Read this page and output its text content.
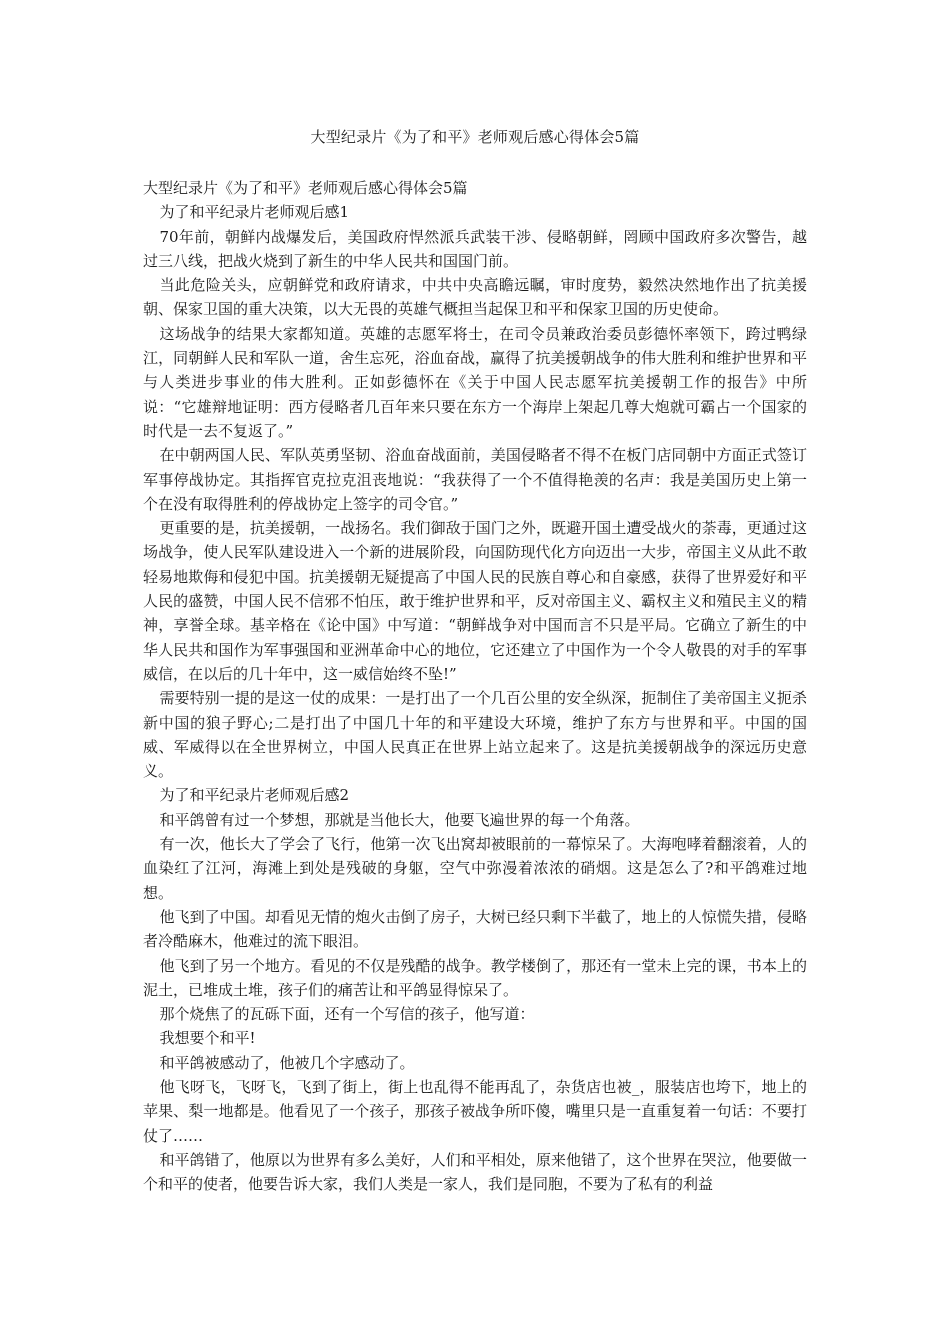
大型纪录片《为了和平》老师观后感心得体会5篇

大型纪录片《为了和平》老师观后感心得体会5篇

为了和平纪录片老师观后感1

70年前，朝鲜内战爆发后，美国政府悍然派兵武装干涉、侵略朝鲜，罔顾中国政府多次警告，越过三八线，把战火烧到了新生的中华人民共和国国门前。

当此危险关头，应朝鲜党和政府请求，中共中央高瞻远瞩，审时度势，毅然决然地作出了抗美援朝、保家卫国的重大决策，以大无畏的英雄气概担当起保卫和平和保家卫国的历史使命。

这场战争的结果大家都知道。英雄的志愿军将士，在司令员兼政治委员彭德怀率领下，跨过鸭绿江，同朝鲜人民和军队一道，舍生忘死，浴血奋战，赢得了抗美援朝战争的伟大胜利和维护世界和平与人类进步事业的伟大胜利。正如彭德怀在《关于中国人民志愿军抗美援朝工作的报告》中所说：“它雄辩地证明：西方侵略者几百年来只要在东方一个海岸上架起几尊大炮就可霸占一个国家的时代是一去不复返了。”

在中朝两国人民、军队英勇坚韧、浴血奋战面前，美国侵略者不得不在板门店同朝中方面正式签订军事停战协定。其指挥官克拉克沮丧地说：“我获得了一个不值得艳羡的名声：我是美国历史上第一个在没有取得胜利的停战协定上签字的司令官。”

更重要的是，抗美援朝，一战扬名。我们御敌于国门之外，既避开国土遭受战火的荼毒，更通过这场战争，使人民军队建设进入一个新的进展阶段，向国防现代化方向迈出一大步，帝国主义从此不敢轻易地欺侮和侵犯中国。抗美援朝无疑提高了中国人民的民族自尊心和自豪感，获得了世界爱好和平人民的盛赞，中国人民不信邪不怕压，敢于维护世界和平，反对帝国主义、霸权主义和殖民主义的精神，享誉全球。基辛格在《论中国》中写道：“朝鲜战争对中国而言不只是平局。它确立了新生的中华人民共和国作为军事强国和亚洲革命中心的地位，它还建立了中国作为一个令人敬畏的对手的军事威信，在以后的几十年中，这一威信始终不坠!”

需要特别一提的是这一仗的成果：一是打出了一个几百公里的安全纵深，扼制住了美帝国主义扼杀新中国的狼子野心;二是打出了中国几十年的和平建设大环境，维护了东方与世界和平。中国的国威、军威得以在全世界树立，中国人民真正在世界上站立起来了。这是抗美援朝战争的深远历史意义。

为了和平纪录片老师观后感2

和平鸽曾有过一个梦想，那就是当他长大，他要飞遍世界的每一个角落。

有一次，他长大了学会了飞行，他第一次飞出窝却被眼前的一幕惊呆了。大海咆哮着翻滚着，人的血染红了江河，海滩上到处是残破的身躯，空气中弥漫着浓浓的硝烟。这是怎么了?和平鸽难过地想。

他飞到了中国。却看见无情的炮火击倒了房子，大树已经只剩下半截了，地上的人惊慌失措，侵略者冷酷麻木，他难过的流下眼泪。

他飞到了另一个地方。看见的不仅是残酷的战争。教学楼倒了，那还有一堂未上完的课，书本上的泥土，已堆成土堆，孩子们的痛苦让和平鸽显得惊呆了。

那个烧焦了的瓦砾下面，还有一个写信的孩子，他写道：

我想要个和平!

和平鸽被感动了，他被几个字感动了。

他飞呀飞，飞呀飞，飞到了街上，街上也乱得不能再乱了，杂货店也被_，服装店也垮下，地上的苹果、梨一地都是。他看见了一个孩子，那孩子被战争所吓傻，嘴里只是一直重复着一句话：不要打仗了……

和平鸽错了，他原以为世界有多么美好，人们和平相处，原来他错了，这个世界在哭泣，他要做一个和平的使者，他要告诉大家，我们人类是一家人，我们是同胞，不要为了私有的利益
